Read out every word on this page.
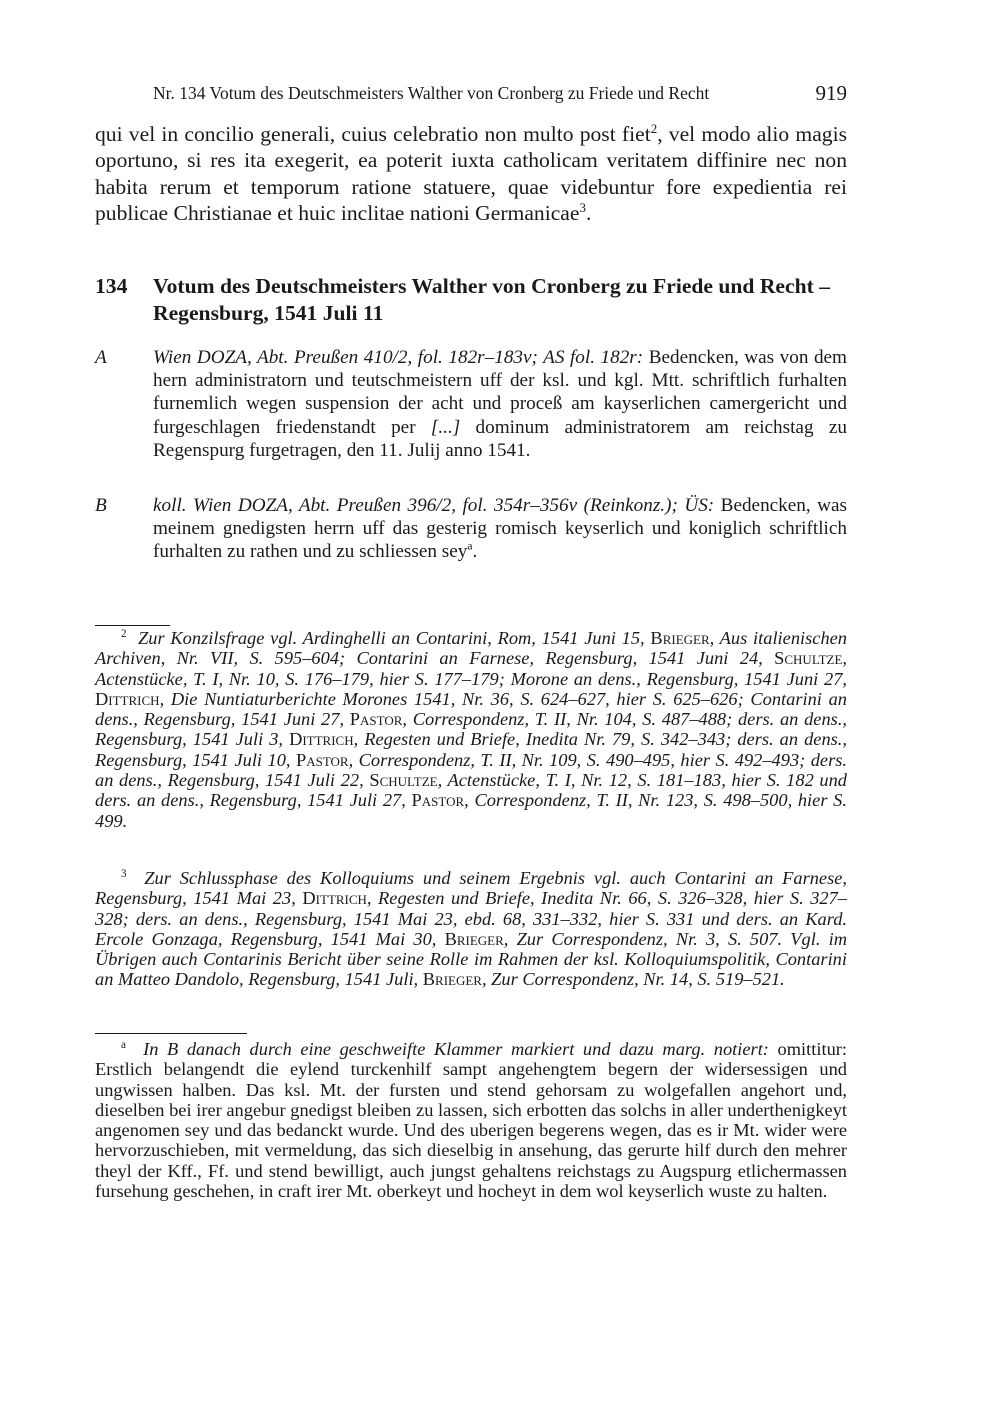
Nr. 134 Votum des Deutschmeisters Walther von Cronberg zu Friede und Recht	919
qui vel in concilio generali, cuius celebratio non multo post fiet$^2$, vel modo alio magis oportuno, si res ita exegerit, ea poterit iuxta catholicam veritatem diffinire nec non habita rerum et temporum ratione statuere, quae videbuntur fore expedientia rei publicae Christianae et huic inclitae nationi Germanicae$^3$.
134	Votum des Deutschmeisters Walther von Cronberg zu Friede und Recht – Regensburg, 1541 Juli 11
A	Wien DOZA, Abt. Preußen 410/2, fol. 182r–183v; AS fol. 182r: Bedencken, was von dem hern administratorn und teutschmeistern uff der ksl. und kgl. Mtt. schriftlich furhalten furnemlich wegen suspension der acht und proceß am kayserlichen camergericht und furgeschlagen friedenstandt per [...] dominum administratorem am reichstag zu Regenspurg furgetragen, den 11. Julij anno 1541.
B	koll. Wien DOZA, Abt. Preußen 396/2, fol. 354r–356v (Reinkonz.); ÜS: Bedencken, was meinem gnedigsten herrn uff das gesterig romisch keyserlich und koniglich schriftlich furhalten zu rathen und zu schliessen sey$^a$.
$^2$ Zur Konzilsfrage vgl. Ardinghelli an Contarini, Rom, 1541 Juni 15, Brieger, Aus italienischen Archiven, Nr. VII, S. 595–604; Contarini an Farnese, Regensburg, 1541 Juni 24, Schultze, Actenstücke, T. I, Nr. 10, S. 176–179, hier S. 177–179; Morone an dens., Regensburg, 1541 Juni 27, Dittrich, Die Nuntiaturberichte Morones 1541, Nr. 36, S. 624–627, hier S. 625–626; Contarini an dens., Regensburg, 1541 Juni 27, Pastor, Correspondenz, T. II, Nr. 104, S. 487–488; ders. an dens., Regensburg, 1541 Juli 3, Dittrich, Regesten und Briefe, Inedita Nr. 79, S. 342–343; ders. an dens., Regensburg, 1541 Juli 10, Pastor, Correspondenz, T. II, Nr. 109, S. 490–495, hier S. 492–493; ders. an dens., Regensburg, 1541 Juli 22, Schultze, Actenstücke, T. I, Nr. 12, S. 181–183, hier S. 182 und ders. an dens., Regensburg, 1541 Juli 27, Pastor, Correspondenz, T. II, Nr. 123, S. 498–500, hier S. 499.
$^3$ Zur Schlussphase des Kolloquiums und seinem Ergebnis vgl. auch Contarini an Farnese, Regensburg, 1541 Mai 23, Dittrich, Regesten und Briefe, Inedita Nr. 66, S. 326–328, hier S. 327–328; ders. an dens., Regensburg, 1541 Mai 23, ebd. 68, 331–332, hier S. 331 und ders. an Kard. Ercole Gonzaga, Regensburg, 1541 Mai 30, Brieger, Zur Correspondenz, Nr. 3, S. 507. Vgl. im Übrigen auch Contarinis Bericht über seine Rolle im Rahmen der ksl. Kolloquiumspolitik, Contarini an Matteo Dandolo, Regensburg, 1541 Juli, Brieger, Zur Correspondenz, Nr. 14, S. 519–521.
$^a$ In B danach durch eine geschweifte Klammer markiert und dazu marg. notiert: omittitur: Erstlich belangendt die eylend turckenhilf sampt angehengtem begern der widersessigen und ungwissen halben. Das ksl. Mt. der fursten und stend gehorsam zu wolgefallen angehort und, dieselben bei irer angebur gnedigst bleiben zu lassen, sich erbotten das solchs in aller underthenigkeyt angenomen sey und das bedanckt wurde. Und des uberigen begerens wegen, das es ir Mt. wider were hervorzuschieben, mit vermeldung, das sich dieselbig in ansehung, das gerurte hilf durch den mehrer theyl der Kff., Ff. und stend bewilligt, auch jungst gehaltens reichstags zu Augspurg etlichermassen fursehung geschehen, in craft irer Mt. oberkeyt und hocheyt in dem wol keyserlich wuste zu halten.
